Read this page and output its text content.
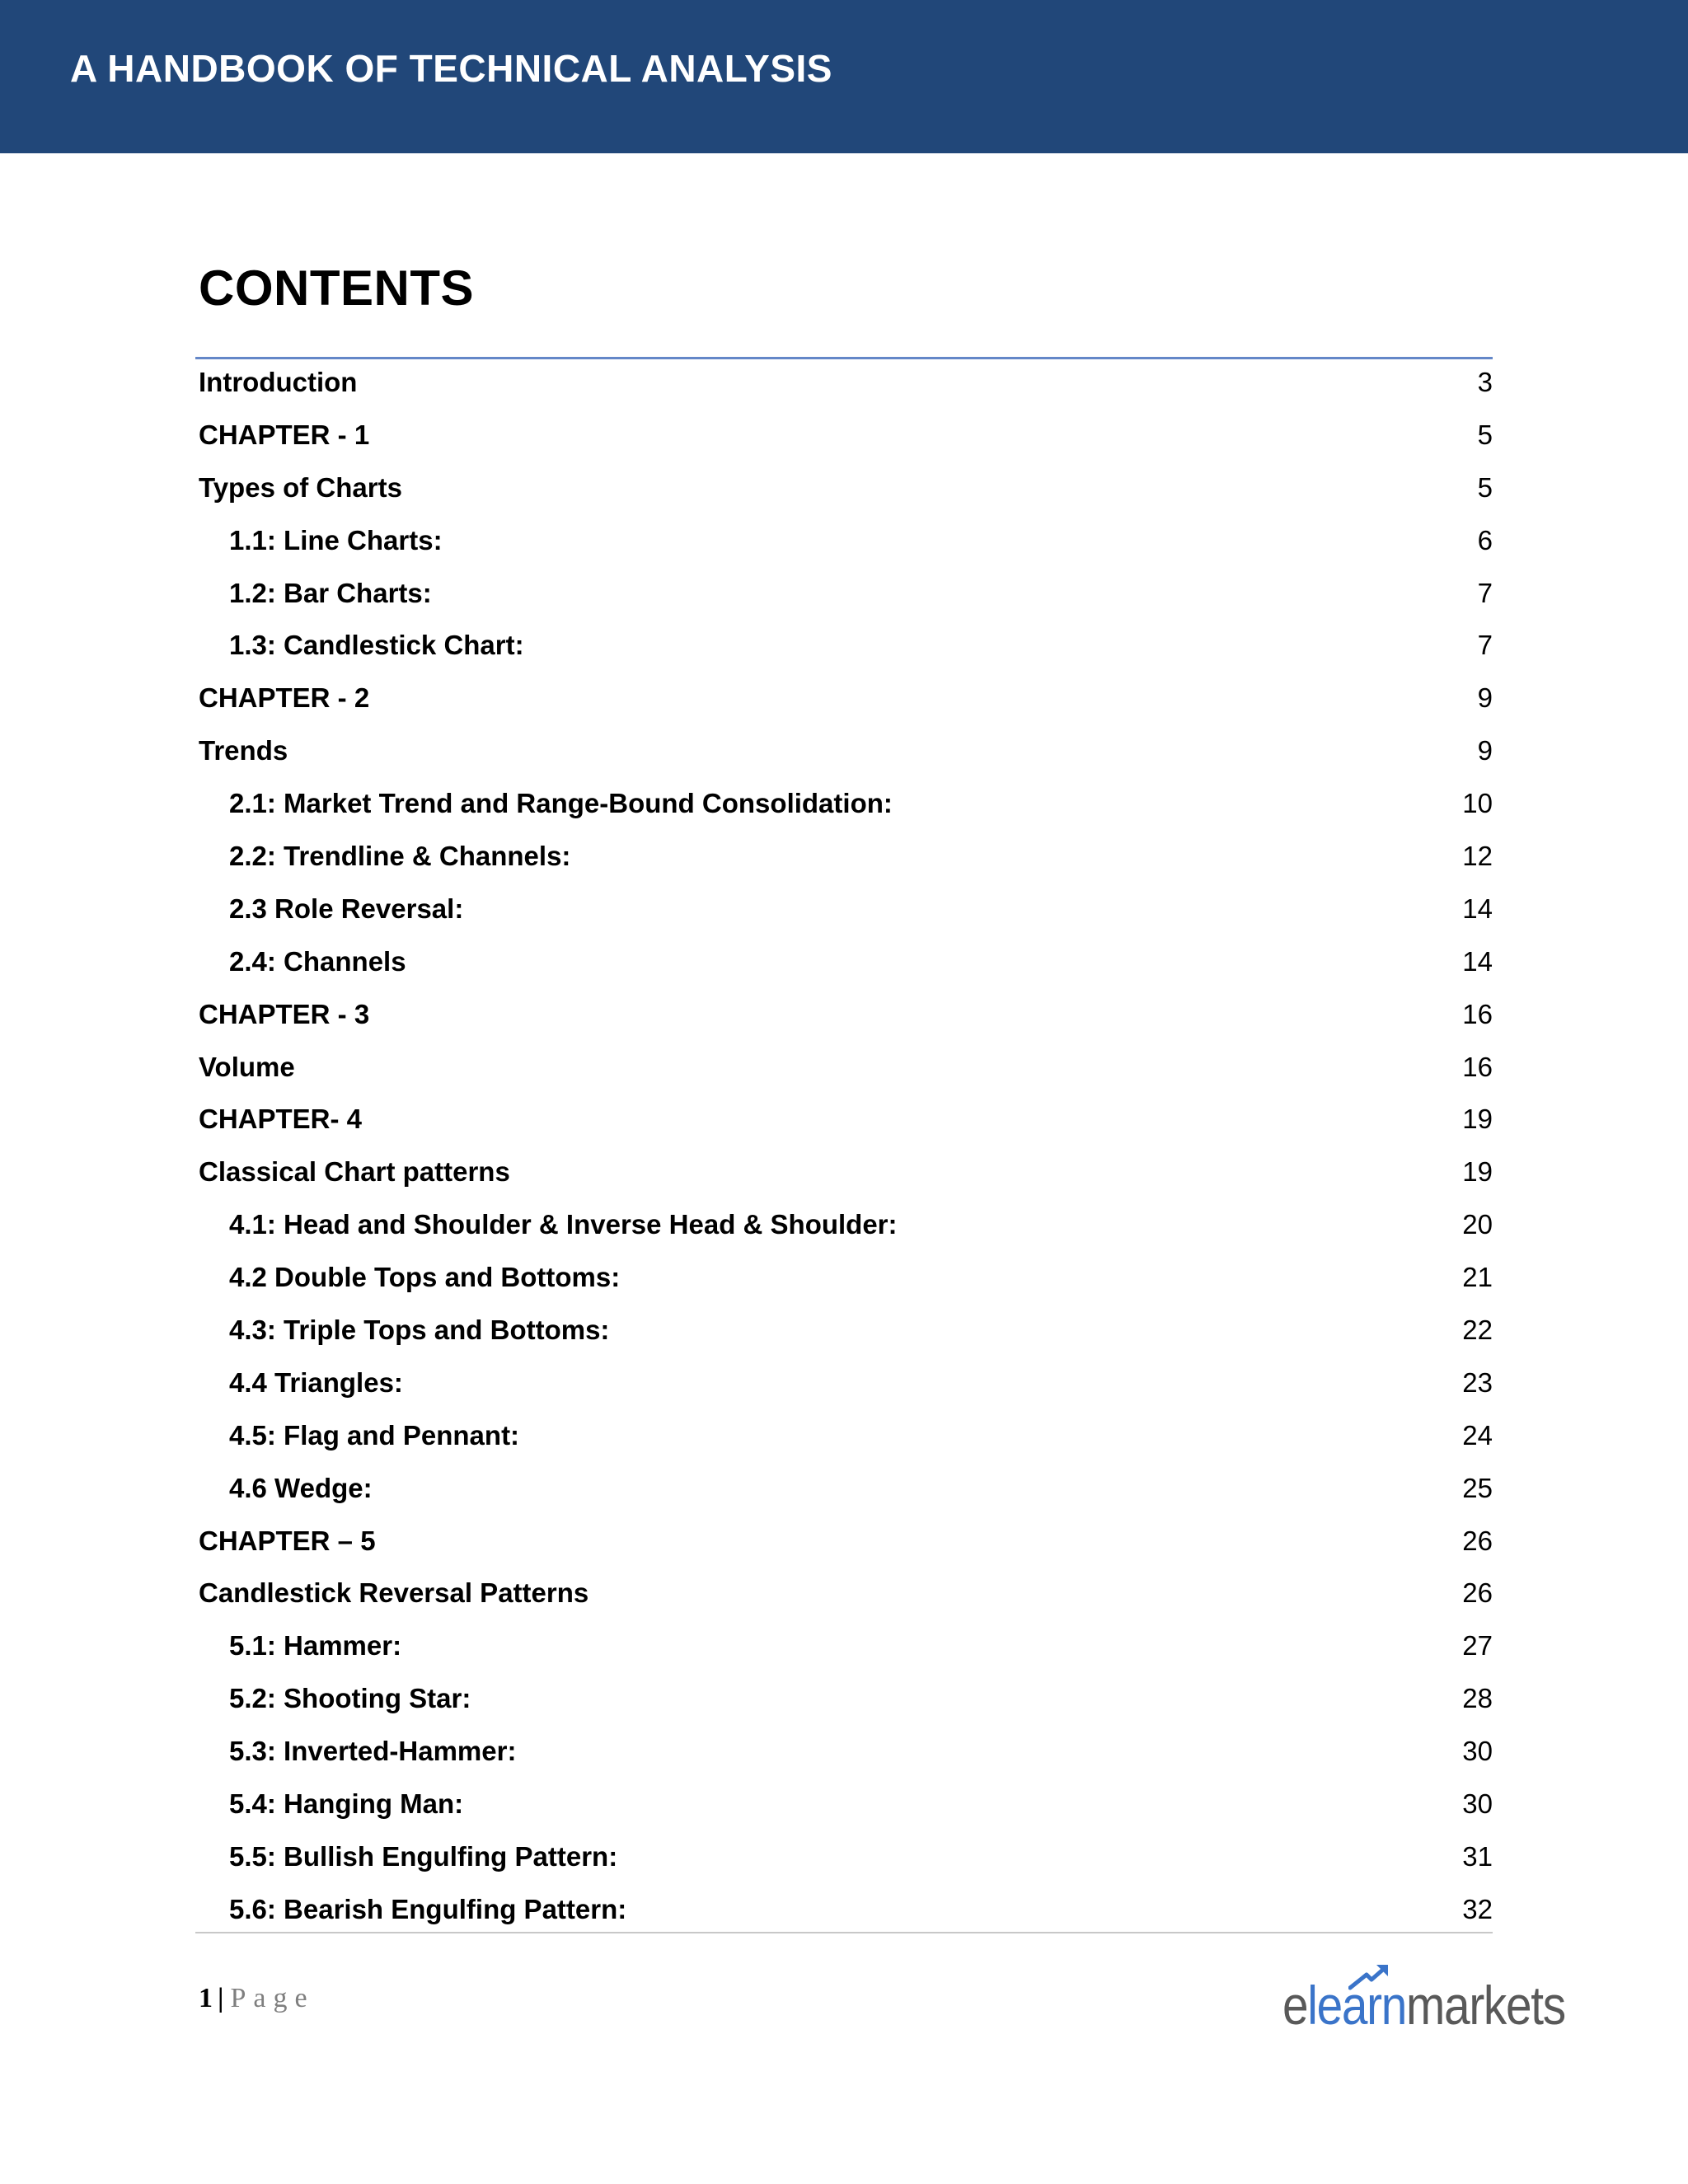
A HANDBOOK OF TECHNICAL ANALYSIS
CONTENTS
Introduction	3
CHAPTER - 1	5
Types of Charts	5
1.1: Line Charts:	6
1.2: Bar Charts:	7
1.3: Candlestick Chart:	7
CHAPTER - 2	9
Trends	9
2.1: Market Trend and Range-Bound Consolidation:	10
2.2: Trendline & Channels:	12
2.3 Role Reversal:	14
2.4: Channels	14
CHAPTER - 3	16
Volume	16
CHAPTER- 4	19
Classical Chart patterns	19
4.1: Head and Shoulder & Inverse Head & Shoulder:	20
4.2 Double Tops and Bottoms:	21
4.3: Triple Tops and Bottoms:	22
4.4 Triangles:	23
4.5: Flag and Pennant:	24
4.6 Wedge:	25
CHAPTER – 5	26
Candlestick Reversal Patterns	26
5.1: Hammer:	27
5.2: Shooting Star:	28
5.3: Inverted-Hammer:	30
5.4: Hanging Man:	30
5.5: Bullish Engulfing Pattern:	31
5.6: Bearish Engulfing Pattern:	32
1 | Page	elearnmarkets
